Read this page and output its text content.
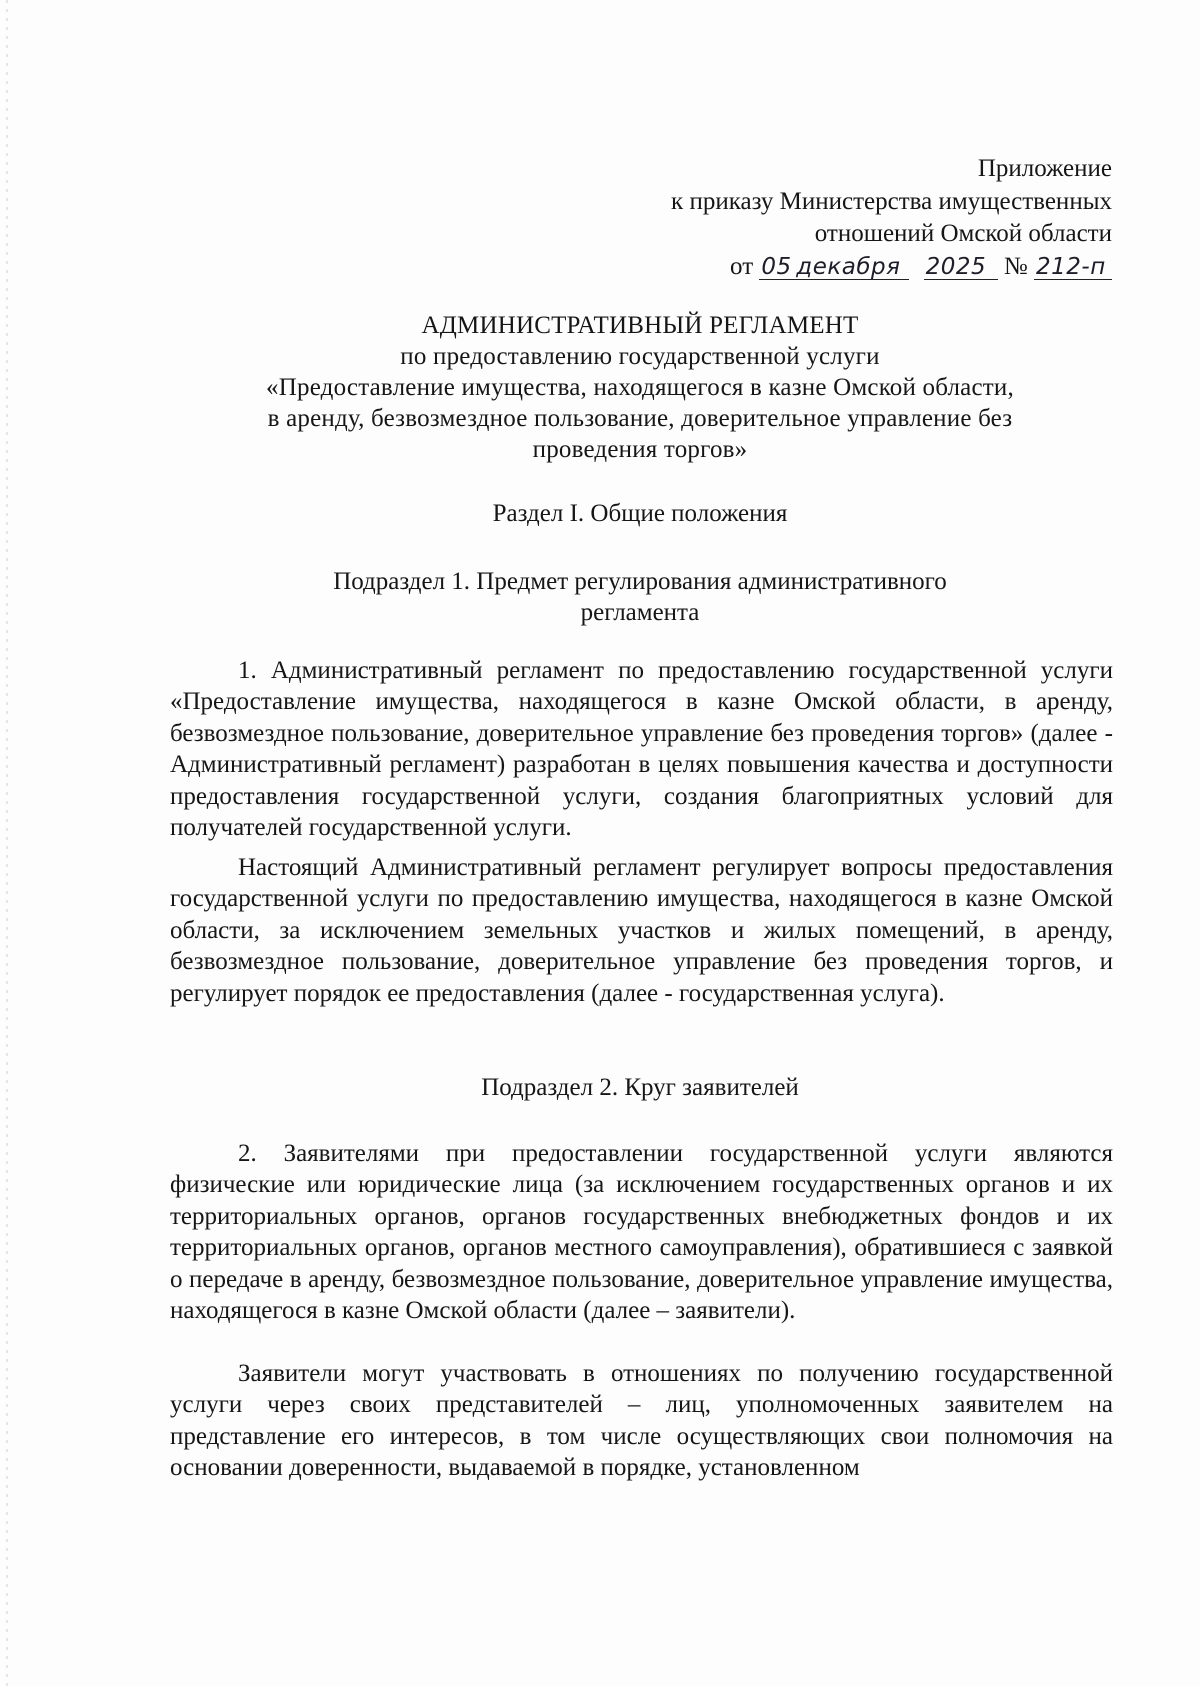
Приложение
к приказу Министерства имущественных
отношений Омской области
от 05 декабря 2025 № 212-п
АДМИНИСТРАТИВНЫЙ РЕГЛАМЕНТ
по предоставлению государственной услуги
«Предоставление имущества, находящегося в казне Омской области,
в аренду, безвозмездное пользование, доверительное управление без
проведения торгов»
Раздел I. Общие положения
Подраздел 1. Предмет регулирования административного
регламента

1. Административный регламент по предоставлению государственной услуги «Предоставление имущества, находящегося в казне Омской области, в аренду, безвозмездное пользование, доверительное управление без проведения торгов» (далее - Административный регламент) разработан в целях повышения качества и доступности предоставления государственной услуги, создания благоприятных условий для получателей государственной услуги.

Настоящий Административный регламент регулирует вопросы предоставления государственной услуги по предоставлению имущества, находящегося в казне Омской области, за исключением земельных участков и жилых помещений, в аренду, безвозмездное пользование, доверительное управление без проведения торгов, и регулирует порядок ее предоставления (далее - государственная услуга).

Подраздел 2. Круг заявителей

2. Заявителями при предоставлении государственной услуги являются физические или юридические лица (за исключением государственных органов и их территориальных органов, органов государственных внебюджетных фондов и их территориальных органов, органов местного самоуправления), обратившиеся с заявкой о передаче в аренду, безвозмездное пользование, доверительное управление имущества, находящегося в казне Омской области (далее – заявители).

Заявители могут участвовать в отношениях по получению государственной услуги через своих представителей – лиц, уполномоченных заявителем на представление его интересов, в том числе осуществляющих свои полномочия на основании доверенности, выдаваемой в порядке, установленном
